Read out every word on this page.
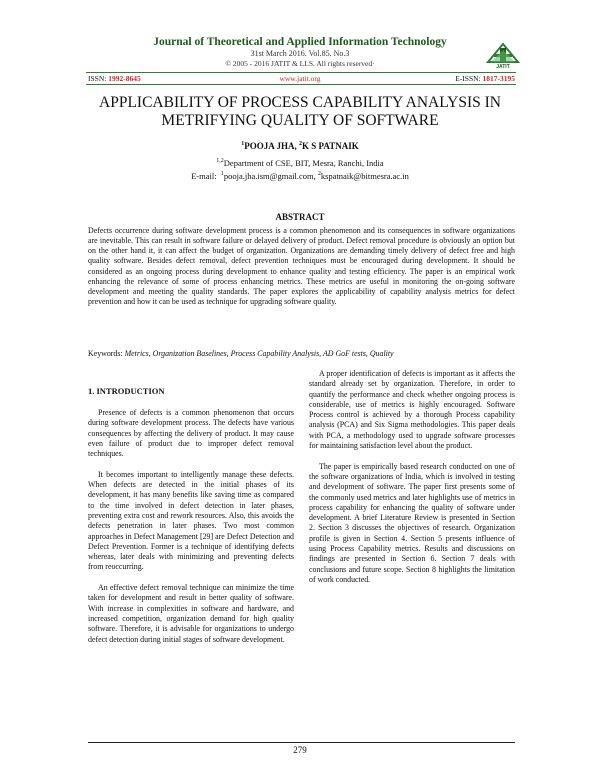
Journal of Theoretical and Applied Information Technology
31st March 2016. Vol.85. No.3
© 2005 - 2016 JATIT & LLS. All rights reserved·	JATIT
ISSN: 1992-8645	www.jatit.org	E-ISSN: 1817-3195
APPLICABILITY OF PROCESS CAPABILITY ANALYSIS IN
METRIFYING QUALITY OF SOFTWARE
$^1$POOJA JHA, $^2$K S PATNAIK
$^{1,2}$Department of CSE, BIT, Mesra, Ranchi, India
E-mail: $^1$pooja.jha.ism@gmail.com, $^2$kspatnaik@bitmesra.ac.in
ABSTRACT
Defects occurrence during software development process is a common phenomenon and its consequences in software organizations are inevitable. This can result in software failure or delayed delivery of product. Defect removal procedure is obviously an option but on the other hand it, it can affect the budget of organization. Organizations are demanding timely delivery of defect free and high quality software. Besides defect removal, defect prevention techniques must be encouraged during development. It should be considered as an ongoing process during development to enhance quality and testing efficiency. The paper is an empirical work enhancing the relevance of some of process enhancing metrics. These metrics are useful in monitoring the on-going software development and meeting the quality standards. The paper explores the applicability of capability analysis metrics for defect prevention and how it can be used as technique for upgrading software quality.
Keywords: Metrics, Organization Baselines, Process Capability Analysis, AD GoF tests, Quality
1. INTRODUCTION

Presence of defects is a common phenomenon that occurs during software development process. The defects have various consequences by affecting the delivery of product. It may cause even failure of product due to improper defect removal techniques.

It becomes important to intelligently manage these defects. When defects are detected in the initial phases of its development, it has many benefits like saving time as compared to the time involved in defect detection in later phases, preventing extra cost and rework resources. Also, this avoids the defects penetration in later phases. Two most common approaches in Defect Management [29] are Defect Detection and Defect Prevention. Former is a technique of identifying defects whereas, later deals with minimizing and preventing defects from reoccurring.

An effective defect removal technique can minimize the time taken for development and result in better quality of software. With increase in complexities in software and hardware, and increased competition, organization demand for high quality software. Therefore, it is advisable for organizations to undergo defect detection during initial stages of software development.

A proper identification of defects is important as it affects the standard already set by organization. Therefore, in order to quantify the performance and check whether ongoing process is considerable, use of metrics is highly encouraged. Software Process control is achieved by a thorough Process capability analysis (PCA) and Six Sigma methodologies. This paper deals with PCA, a methodology used to upgrade software processes for maintaining satisfaction level about the product.

The paper is empirically based research conducted on one of the software organizations of India, which is involved in testing and development of software. The paper first presents some of the commonly used metrics and later highlights use of metrics in process capability for enhancing the quality of software under development. A brief Literature Review is presented in Section 2. Section 3 discusses the objectives of research. Organization profile is given in Section 4. Section 5 presents influence of using Process Capability metrics. Results and discussions on findings are presented in Section 6. Section 7 deals with conclusions and future scope. Section 8 highlights the limitation of work conducted.

279
